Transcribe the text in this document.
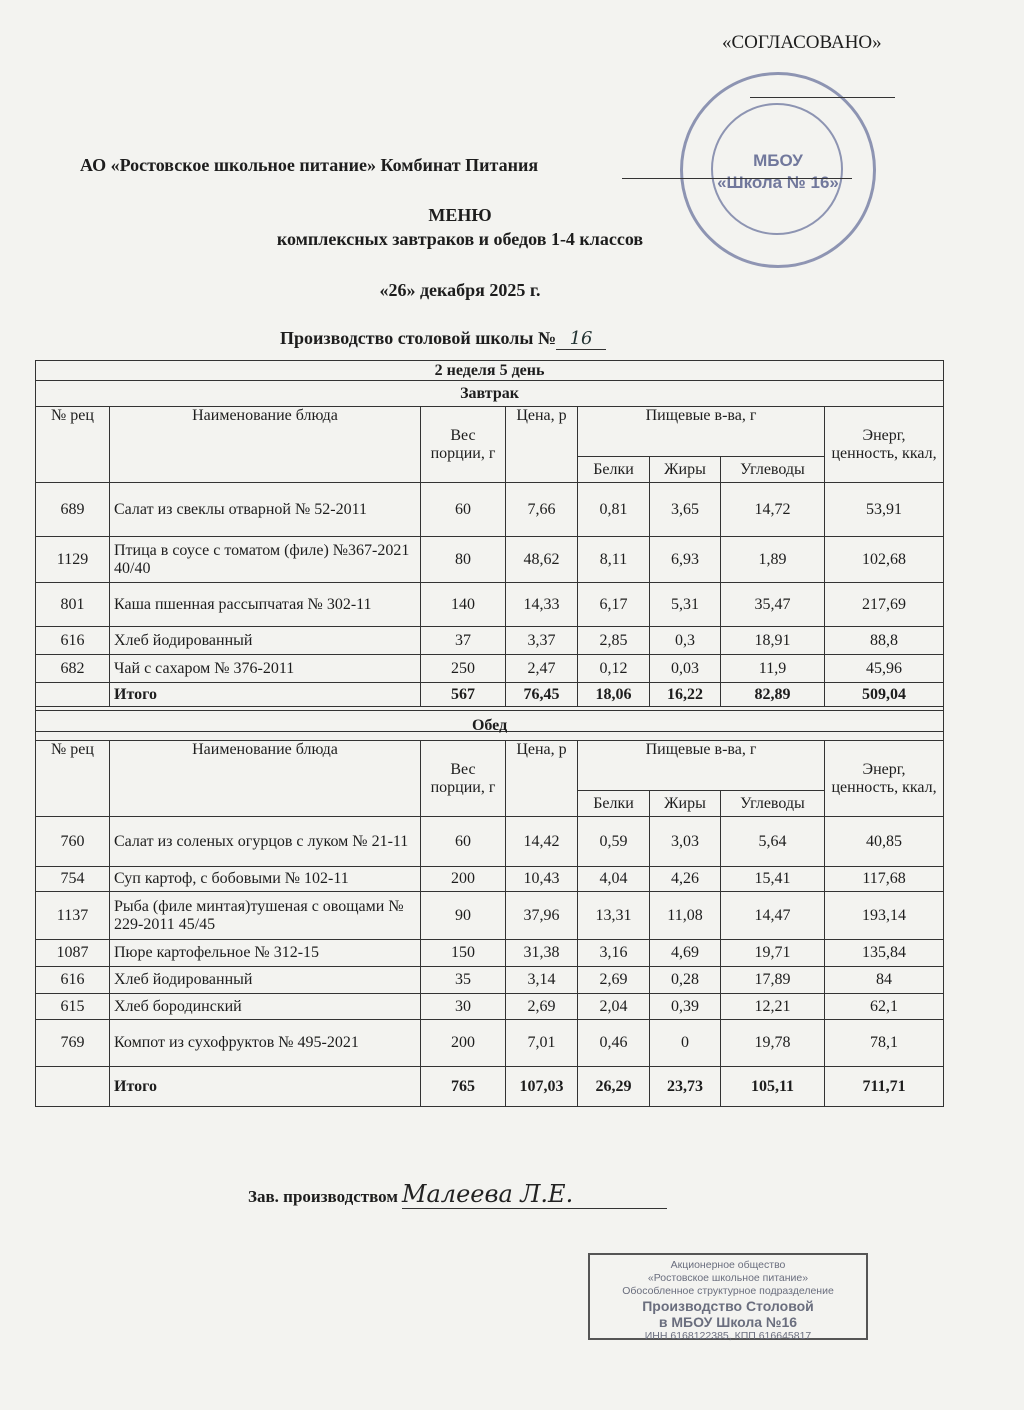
МБОУ
«Школа № 16»
«СОГЛАСОВАНО»
АО «Ростовское школьное питание» Комбинат Питания
МЕНЮ
комплексных завтраков и обедов 1-4 классов
«26» декабря 2025 г.
Производство столовой школы № 16
2 неделя 5 день							
Завтрак							
№ рец	Наименование блюда	Вес порции, г	Цена, р	Пищевые в-ва, г			Энерг, ценность, ккал,
				Белки	Жиры	Углеводы	
689	Салат из свеклы отварной № 52-2011	60	7,66	0,81	3,65	14,72	53,91
1129	Птица в соусе с томатом (филе) №367-2021 40/40	80	48,62	8,11	6,93	1,89	102,68
801	Каша пшенная рассыпчатая № 302-11	140	14,33	6,17	5,31	35,47	217,69
616	Хлеб йодированный	37	3,37	2,85	0,3	18,91	88,8
682	Чай с сахаром № 376-2011	250	2,47	0,12	0,03	11,9	45,96
	Итого	567	76,45	18,06	16,22	82,89	509,04

Обед							
№ рец	Наименование блюда	Вес порции, г	Цена, р	Пищевые в-ва, г			Энерг, ценность, ккал,
				Белки	Жиры	Углеводы	
760	Салат из соленых огурцов с луком № 21-11	60	14,42	0,59	3,03	5,64	40,85
754	Суп картоф, с бобовыми № 102-11	200	10,43	4,04	4,26	15,41	117,68
1137	Рыба (филе минтая)тушеная с овощами № 229-2011 45/45	90	37,96	13,31	11,08	14,47	193,14
1087	Пюре картофельное № 312-15	150	31,38	3,16	4,69	19,71	135,84
616	Хлеб йодированный	35	3,14	2,69	0,28	17,89	84
615	Хлеб бородинский	30	2,69	2,04	0,39	12,21	62,1
769	Компот из сухофруктов № 495-2021	200	7,01	0,46	0	19,78	78,1
	Итого	765	107,03	26,29	23,73	105,11	711,71
Зав. производством Малеева Л.Е.
Акционерное общество
«Ростовское школьное питание»
Обособленное структурное подразделение
Производство Столовой
в МБОУ Школа №16
ИНН 6168122385, КПП 616645817
